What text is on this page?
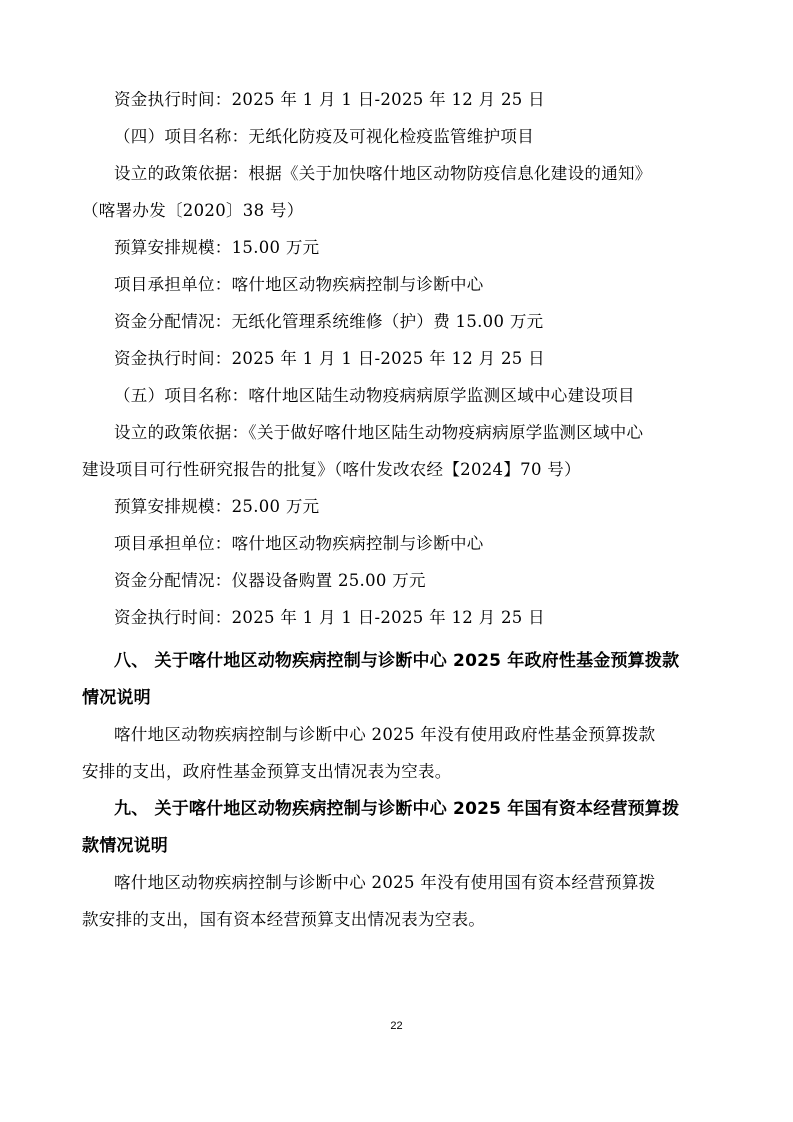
资金执行时间：2025 年 1 月 1 日-2025 年 12 月 25 日
（四）项目名称：无纸化防疫及可视化检疫监管维护项目
设立的政策依据：根据《关于加快喀什地区动物防疫信息化建设的通知》
（喀署办发〔2020〕38 号）
预算安排规模：15.00 万元
项目承担单位：喀什地区动物疾病控制与诊断中心
资金分配情况：无纸化管理系统维修（护）费 15.00 万元
资金执行时间：2025 年 1 月 1 日-2025 年 12 月 25 日
（五）项目名称：喀什地区陆生动物疫病病原学监测区域中心建设项目
设立的政策依据：《关于做好喀什地区陆生动物疫病病原学监测区域中心
建设项目可行性研究报告的批复》（喀什发改农经【2024】70 号）
预算安排规模：25.00 万元
项目承担单位：喀什地区动物疾病控制与诊断中心
资金分配情况：仪器设备购置 25.00 万元
资金执行时间：2025 年 1 月 1 日-2025 年 12 月 25 日
八、 关于喀什地区动物疾病控制与诊断中心 2025 年政府性基金预算拨款
情况说明
喀什地区动物疾病控制与诊断中心 2025 年没有使用政府性基金预算拨款
安排的支出，政府性基金预算支出情况表为空表。
九、 关于喀什地区动物疾病控制与诊断中心 2025 年国有资本经营预算拨
款情况说明
喀什地区动物疾病控制与诊断中心 2025 年没有使用国有资本经营预算拨
款安排的支出，国有资本经营预算支出情况表为空表。
22
